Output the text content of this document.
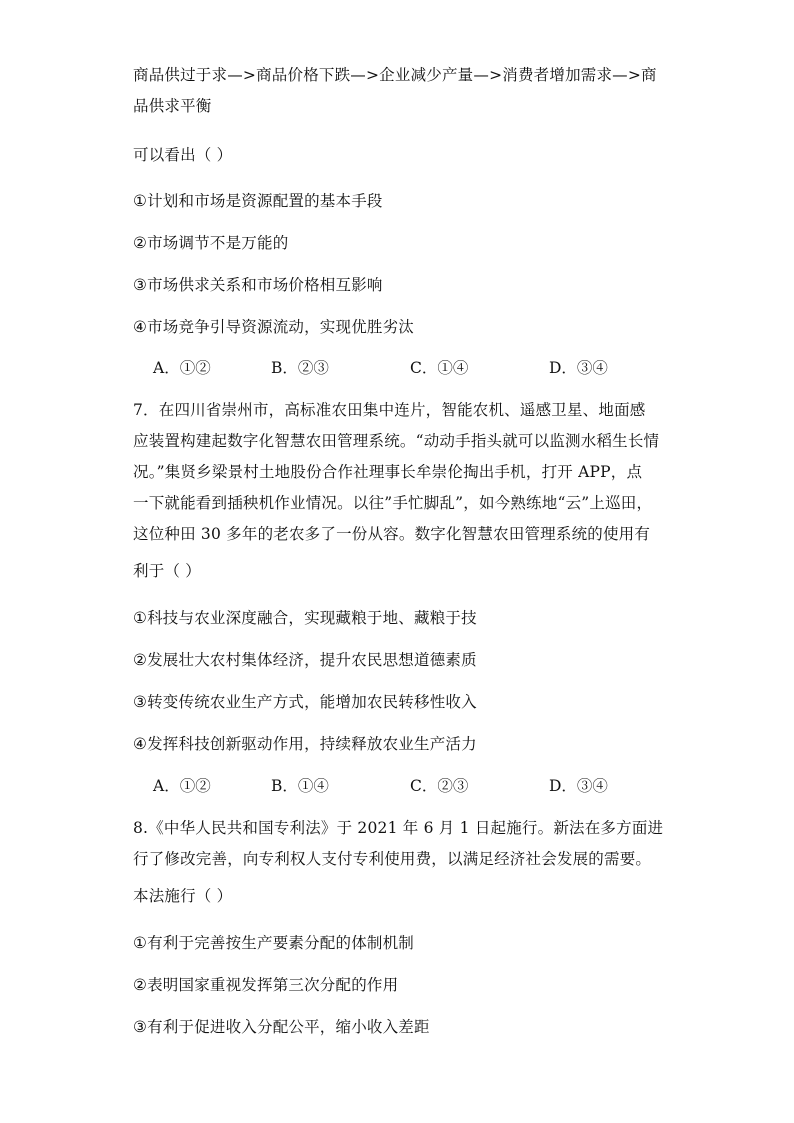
商品供过于求—>商品价格下跌—>企业减少产量—>消费者增加需求—>商
品供求平衡
可以看出（ ）
①计划和市场是资源配置的基本手段
②市场调节不是万能的
③市场供求关系和市场价格相互影响
④市场竞争引导资源流动，实现优胜劣汰
A．①②	B．②③	C．①④	D．③④
7．在四川省崇州市，高标准农田集中连片，智能农机、遥感卫星、地面感
应装置构建起数字化智慧农田管理系统。“动动手指头就可以监测水稻生长情
况。”集贤乡梁景村土地股份合作社理事长牟崇伦掏出手机，打开 APP，点
一下就能看到插秧机作业情况。以往”手忙脚乱”，如今熟练地“云”上巡田，
这位种田 30 多年的老农多了一份从容。数字化智慧农田管理系统的使用有
利于（ ）
①科技与农业深度融合，实现藏粮于地、藏粮于技
②发展壮大农村集体经济，提升农民思想道德素质
③转变传统农业生产方式，能增加农民转移性收入
④发挥科技创新驱动作用，持续释放农业生产活力
A．①②	B．①④	C．②③	D．③④
8.《中华人民共和国专利法》于 2021 年 6 月 1 日起施行。新法在多方面进
行了修改完善，向专利权人支付专利使用费，以满足经济社会发展的需要。
本法施行（ ）
①有利于完善按生产要素分配的体制机制
②表明国家重视发挥第三次分配的作用
③有利于促进收入分配公平，缩小收入差距
